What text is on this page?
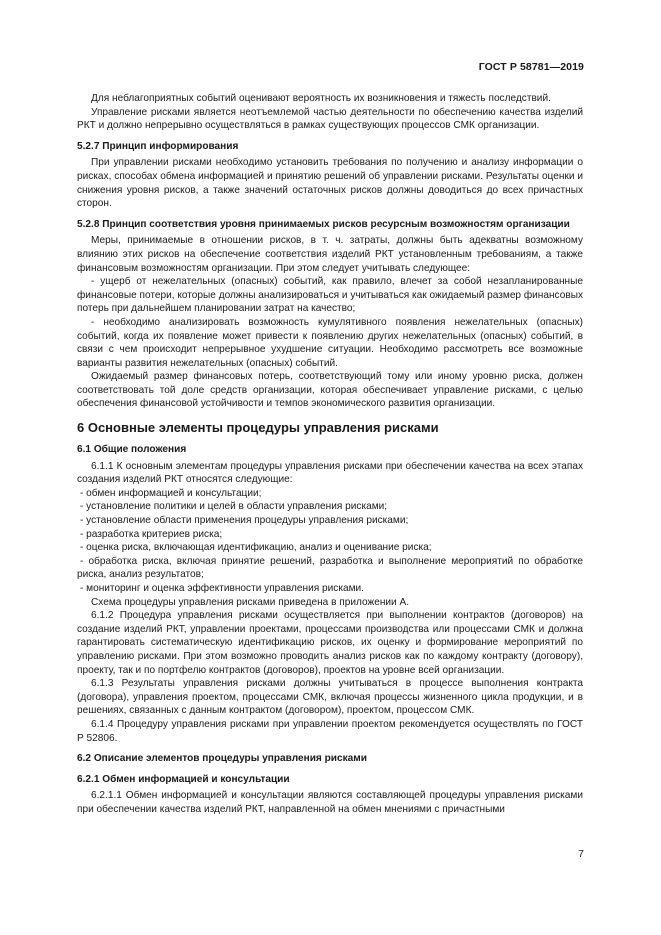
ГОСТ Р 58781—2019

Для неблагоприятных событий оценивают вероятность их возникновения и тяжесть последствий.

Управление рисками является неотъемлемой частью деятельности по обеспечению качества изделий РКТ и должно непрерывно осуществляться в рамках существующих процессов СМК организации.

5.2.7 Принцип информирования

При управлении рисками необходимо установить требования по получению и анализу информации о рисках, способах обмена информацией и принятию решений об управлении рисками. Результаты оценки и снижения уровня рисков, а также значений остаточных рисков должны доводиться до всех причастных сторон.

5.2.8 Принцип соответствия уровня принимаемых рисков ресурсным возможностям организации

Меры, принимаемые в отношении рисков, в т. ч. затраты, должны быть адекватны возможному влиянию этих рисков на обеспечение соответствия изделий РКТ установленным требованиям, а также финансовым возможностям организации. При этом следует учитывать следующее:

- ущерб от нежелательных (опасных) событий, как правило, влечет за собой незапланированные финансовые потери, которые должны анализироваться и учитываться как ожидаемый размер финансовых потерь при дальнейшем планировании затрат на качество;

- необходимо анализировать возможность кумулятивного появления нежелательных (опасных) событий, когда их появление может привести к появлению других нежелательных (опасных) событий, в связи с чем происходит непрерывное ухудшение ситуации. Необходимо рассмотреть все возможные варианты развития нежелательных (опасных) событий.

Ожидаемый размер финансовых потерь, соответствующий тому или иному уровню риска, должен соответствовать той доле средств организации, которая обеспечивает управление рисками, с целью обеспечения финансовой устойчивости и темпов экономического развития организации.

6 Основные элементы процедуры управления рисками

6.1 Общие положения

6.1.1 К основным элементам процедуры управления рисками при обеспечении качества на всех этапах создания изделий РКТ относятся следующие:

- обмен информацией и консультации;

- установление политики и целей в области управления рисками;

- установление области применения процедуры управления рисками;

- разработка критериев риска;

- оценка риска, включающая идентификацию, анализ и оценивание риска;

- обработка риска, включая принятие решений, разработка и выполнение мероприятий по обработке риска, анализ результатов;

- мониторинг и оценка эффективности управления рисками.

Схема процедуры управления рисками приведена в приложении А.

6.1.2 Процедура управления рисками осуществляется при выполнении контрактов (договоров) на создание изделий РКТ, управлении проектами, процессами производства или процессами СМК и должна гарантировать систематическую идентификацию рисков, их оценку и формирование мероприятий по управлению рисками. При этом возможно проводить анализ рисков как по каждому контракту (договору), проекту, так и по портфелю контрактов (договоров), проектов на уровне всей организации.

6.1.3 Результаты управления рисками должны учитываться в процессе выполнения контракта (договора), управления проектом, процессами СМК, включая процессы жизненного цикла продукции, и в решениях, связанных с данным контрактом (договором), проектом, процессом СМК.

6.1.4 Процедуру управления рисками при управлении проектом рекомендуется осуществлять по ГОСТ Р 52806.

6.2 Описание элементов процедуры управления рисками

6.2.1 Обмен информацией и консультации

6.2.1.1 Обмен информацией и консультации являются составляющей процедуры управления рисками при обеспечении качества изделий РКТ, направленной на обмен мнениями с причастными

7
